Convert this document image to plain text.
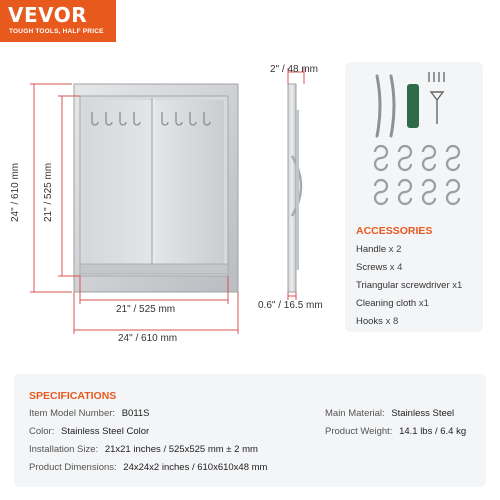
VEVOR
TOUGH TOOLS, HALF PRICE
24" / 610 mm 21" / 525 mm
21" / 525 mm
24" / 610 mm
2" / 48 mm
0.6" / 16.5 mm
ACCESSORIES
Handle x 2
Screws x 4
Triangular screwdriver x1
Cleaning cloth x1
Hooks x 8
SPECIFICATIONS
Item Model Number: B011S
Color: Stainless Steel Color
Installation Size: 21x21 inches / 525x525 mm ± 2 mm
Product Dimensions: 24x24x2 inches / 610x610x48 mm
Main Material: Stainless Steel
Product Weight: 14.1 lbs / 6.4 kg
